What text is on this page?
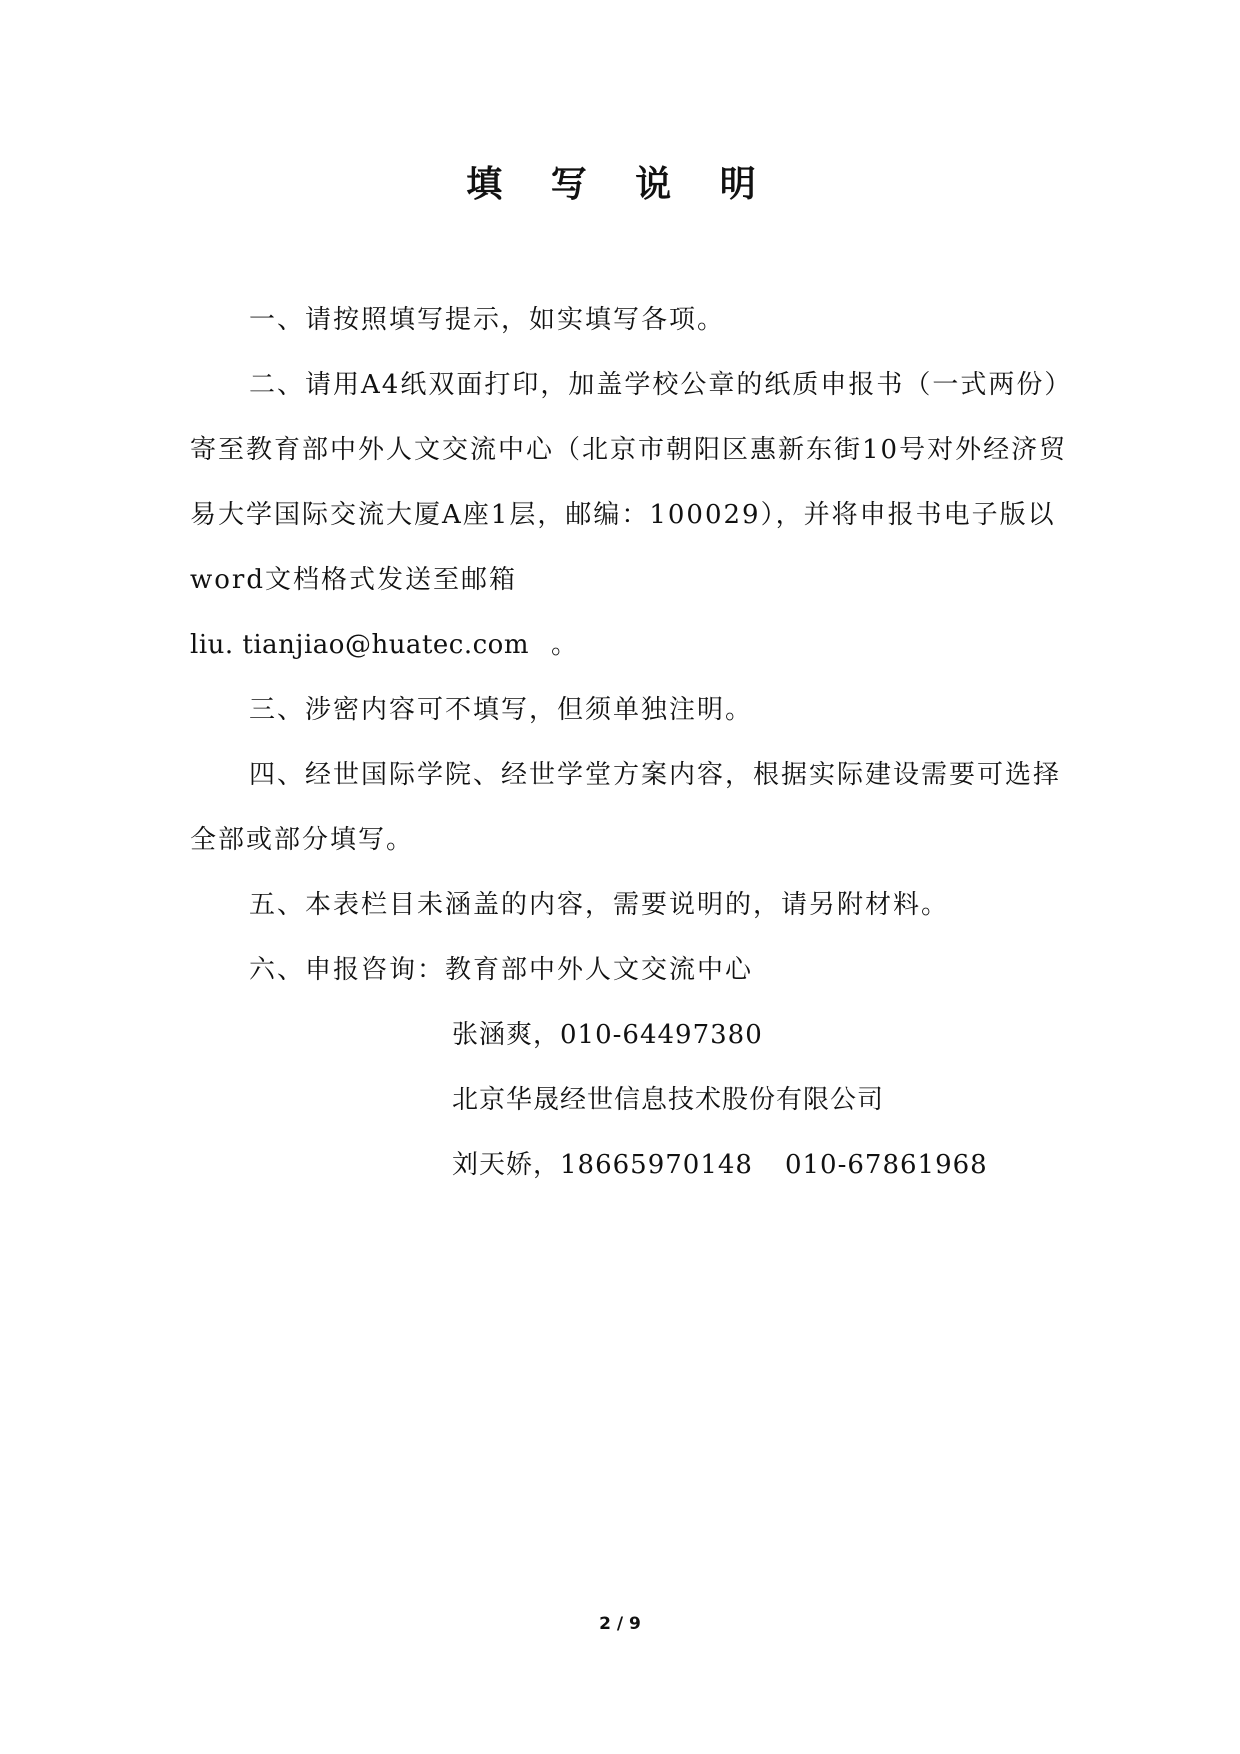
填 写 说 明

一、请按照填写提示，如实填写各项。

二、请用A4纸双面打印，加盖学校公章的纸质申报书（一式两份）寄至教育部中外人文交流中心（北京市朝阳区惠新东街10号对外经济贸易大学国际交流大厦A座1层，邮编：100029），并将申报书电子版以word文档格式发送至邮箱

liu. tianjiao@huatec.com 。

三、涉密内容可不填写，但须单独注明。

四、经世国际学院、经世学堂方案内容，根据实际建设需要可选择全部或部分填写。

五、本表栏目未涵盖的内容，需要说明的，请另附材料。

六、申报咨询：教育部中外人文交流中心

张涵爽，010-64497380

北京华晟经世信息技术股份有限公司

刘天娇，18665970148 010-67861968

2 / 9
